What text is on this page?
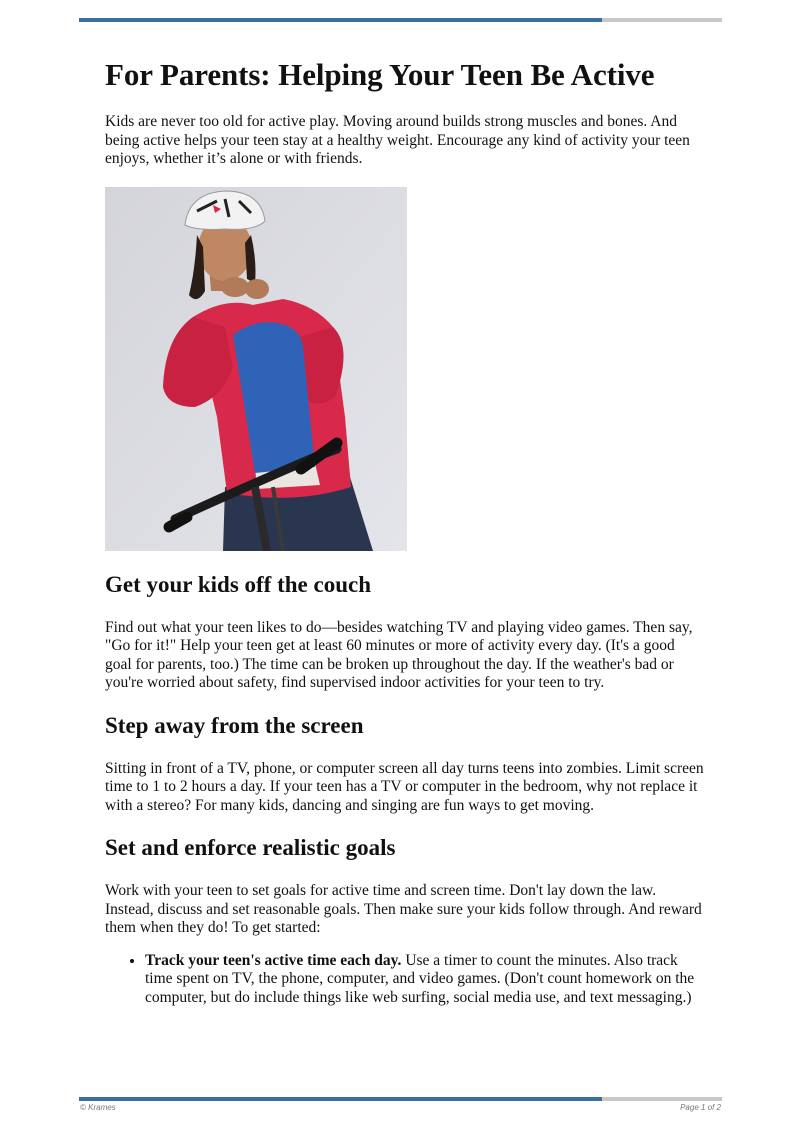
For Parents: Helping Your Teen Be Active

Kids are never too old for active play. Moving around builds strong muscles and bones. And being active helps your teen stay at a healthy weight. Encourage any kind of activity your teen enjoys, whether it’s alone or with friends.

Get your kids off the couch

Find out what your teen likes to do—besides watching TV and playing video games. Then say, "Go for it!" Help your teen get at least 60 minutes or more of activity every day. (It's a good goal for parents, too.) The time can be broken up throughout the day. If the weather's bad or you're worried about safety, find supervised indoor activities for your teen to try.

Step away from the screen

Sitting in front of a TV, phone, or computer screen all day turns teens into zombies. Limit screen time to 1 to 2 hours a day. If your teen has a TV or computer in the bedroom, why not replace it with a stereo? For many kids, dancing and singing are fun ways to get moving.

Set and enforce realistic goals

Work with your teen to set goals for active time and screen time. Don't lay down the law. Instead, discuss and set reasonable goals. Then make sure your kids follow through. And reward them when they do! To get started:

• Track your teen's active time each day. Use a timer to count the minutes. Also track time spent on TV, the phone, computer, and video games. (Don't count homework on the computer, but do include things like web surfing, social media use, and text messaging.)
© Krames	Page 1 of 2
